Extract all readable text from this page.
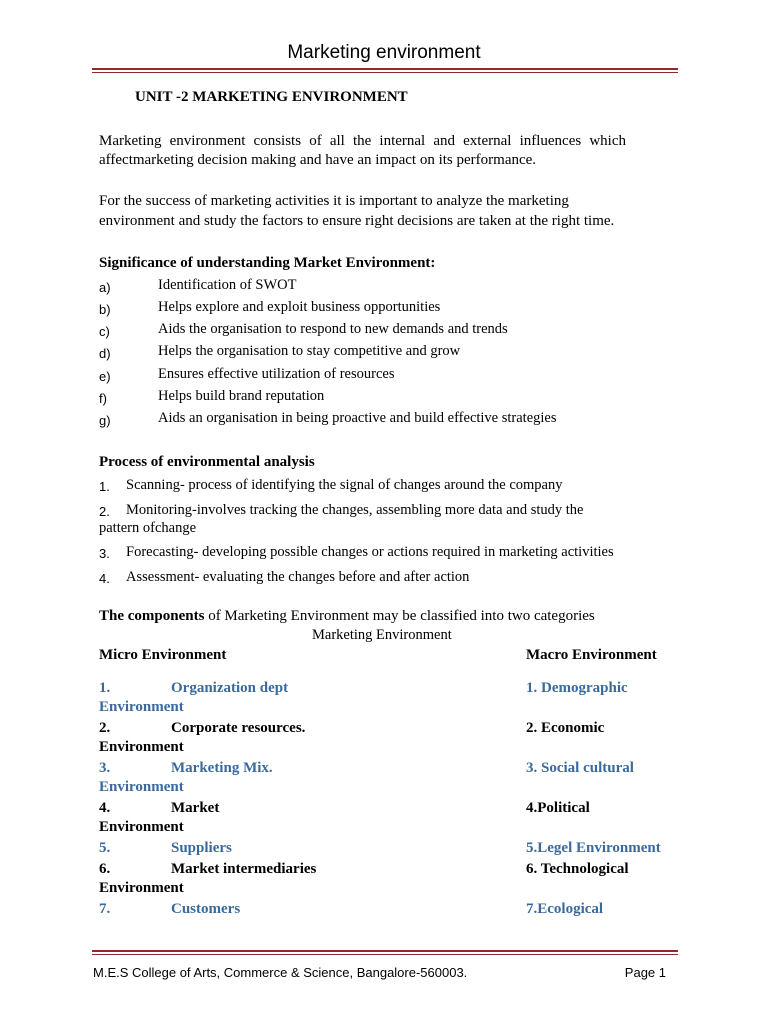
Marketing environment
UNIT -2 MARKETING ENVIRONMENT
Marketing environment consists of all the internal and external influences which
affectmarketing decision making and have an impact on its performance.
For the success of marketing activities it is important to analyze the marketing
environment and study the factors to ensure right decisions are taken at the right time.
Significance of understanding Market Environment:
a)	Identification of SWOT
b)	Helps explore and exploit business opportunities
c)	Aids the organisation to respond to new demands and trends
d)	Helps the organisation to stay competitive and grow
e)	Ensures effective utilization of resources
f)	Helps build brand reputation
g)	Aids an organisation in being proactive and build effective strategies
Process of environmental analysis
1. Scanning- process of identifying the signal of changes around the company
2. Monitoring-involves tracking the changes, assembling more data and study the
pattern ofchange
3. Forecasting- developing possible changes or actions required in marketing activities
4. Assessment- evaluating the changes before and after action
The components of Marketing Environment may be classified into two categories
Marketing Environment
Micro Environment	Macro Environment
1.	Organization dept	1. Demographic
Environment
2.	Corporate resources.	2. Economic
Environment
3.	Marketing Mix.	3. Social cultural
Environment
4.	Market	4.Political
Environment
5.	Suppliers	5.Legel Environment
6.	Market intermediaries	6. Technological
Environment
7.	Customers	7.Ecological
M.E.S College of Arts, Commerce & Science, Bangalore-560003.	Page 1
